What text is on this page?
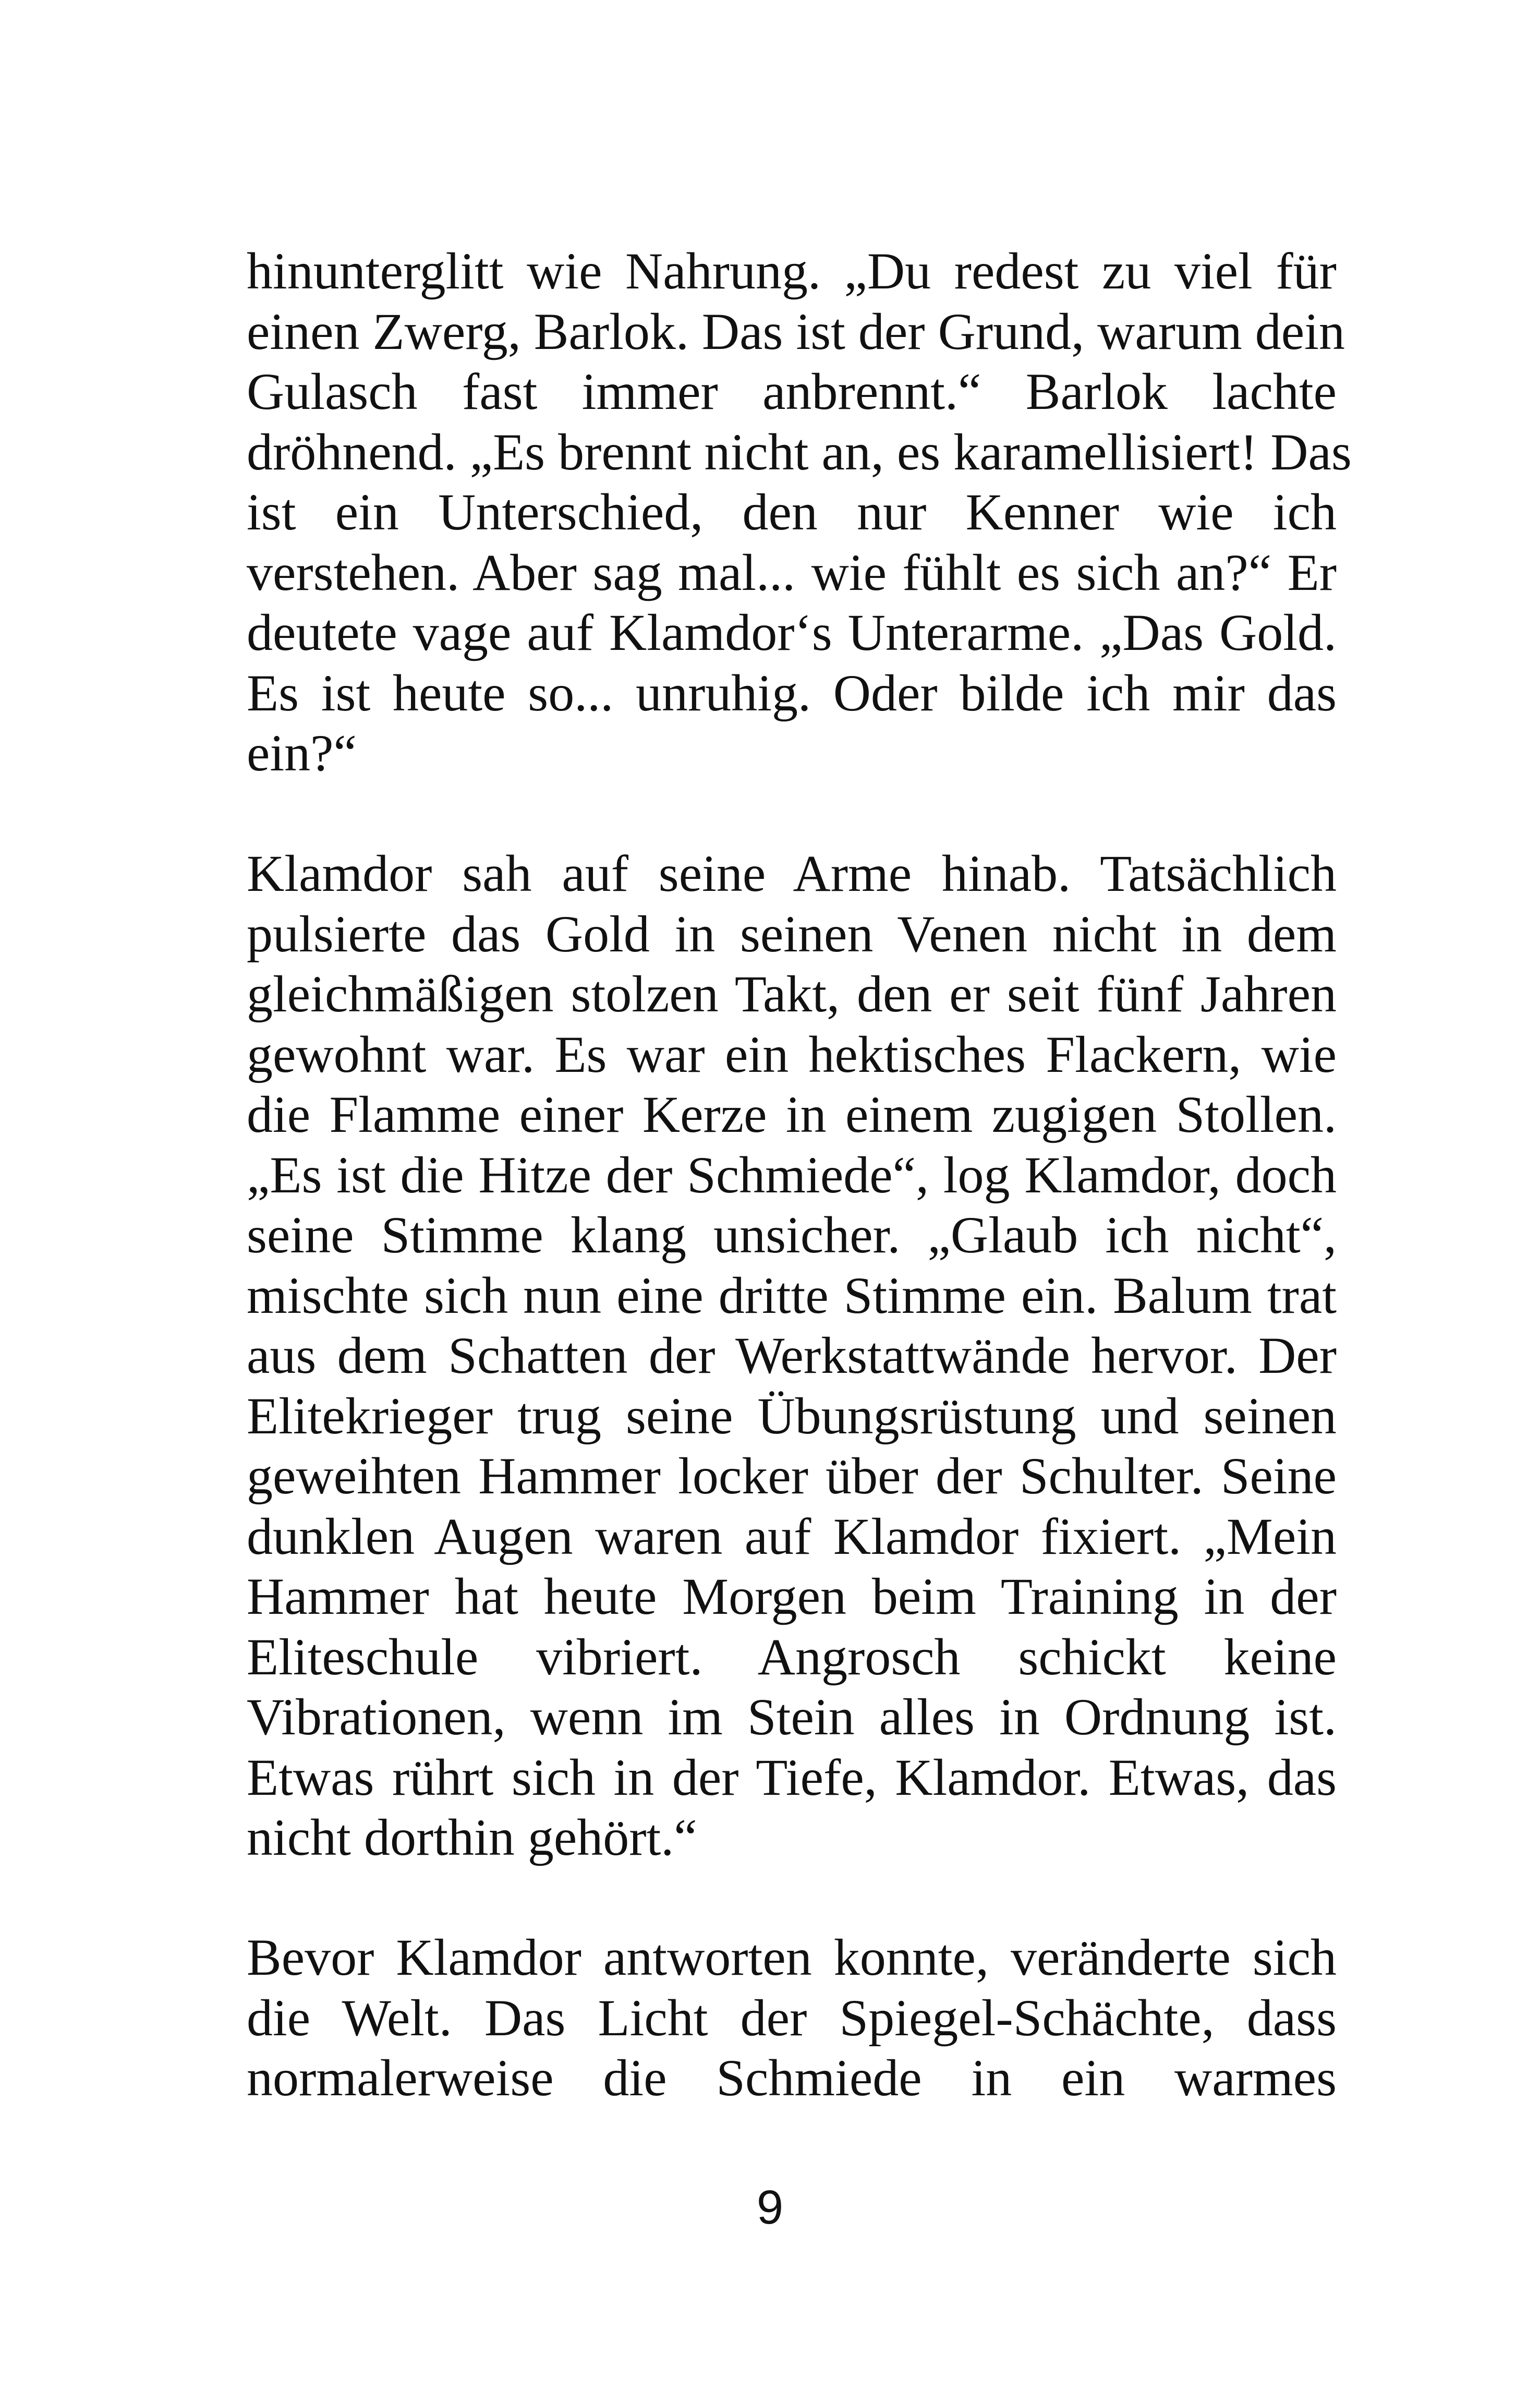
hinunterglitt wie Nahrung. „Du redest zu viel für
einen Zwerg, Barlok. Das ist der Grund, warum dein
Gulasch fast immer anbrennt.“ Barlok lachte
dröhnend. „Es brennt nicht an, es karamellisiert! Das
ist ein Unterschied, den nur Kenner wie ich
verstehen. Aber sag mal... wie fühlt es sich an?“ Er
deutete vage auf Klamdor‘s Unterarme. „Das Gold.
Es ist heute so... unruhig. Oder bilde ich mir das
ein?“
Klamdor sah auf seine Arme hinab. Tatsächlich
pulsierte das Gold in seinen Venen nicht in dem
gleichmäßigen stolzen Takt, den er seit fünf Jahren
gewohnt war. Es war ein hektisches Flackern, wie
die Flamme einer Kerze in einem zugigen Stollen.
„Es ist die Hitze der Schmiede“, log Klamdor, doch
seine Stimme klang unsicher. „Glaub ich nicht“,
mischte sich nun eine dritte Stimme ein. Balum trat
aus dem Schatten der Werkstattwände hervor. Der
Elitekrieger trug seine Übungsrüstung und seinen
geweihten Hammer locker über der Schulter. Seine
dunklen Augen waren auf Klamdor fixiert. „Mein
Hammer hat heute Morgen beim Training in der
Eliteschule vibriert. Angrosch schickt keine
Vibrationen, wenn im Stein alles in Ordnung ist.
Etwas rührt sich in der Tiefe, Klamdor. Etwas, das
nicht dorthin gehört.“
Bevor Klamdor antworten konnte, veränderte sich
die Welt. Das Licht der Spiegel-Schächte, dass
normalerweise die Schmiede in ein warmes
9
